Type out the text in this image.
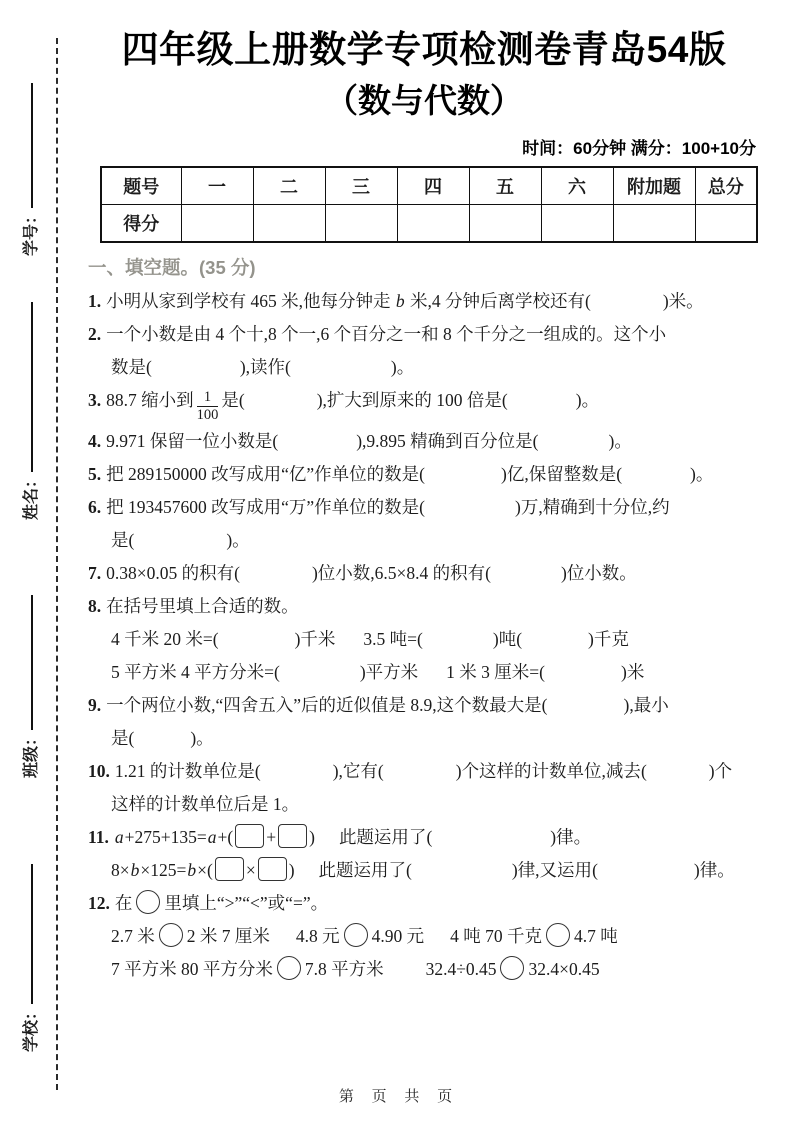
学号：
姓名：
班级：
学校：
四年级上册数学专项检测卷青岛54版
（数与代数）
时间：60分钟 满分：100+10分
题号	一	二	三	四	五	六	附加题	总分
得分								
一、填空题。(35 分)
1. 小明从家到学校有 465 米,他每分钟走 b 米,4 分钟后离学校还有(	)米。
2. 一个小数是由 4 个十,8 个一,6 个百分之一和 8 个千分之一组成的。这个小
数是(	),读作(	)。
3. 88.7 缩小到 $\frac{1}{100}$ 是(	),扩大到原来的 100 倍是(	)。
4. 9.971 保留一位小数是(	),9.895 精确到百分位是(	)。
5. 把 289150000 改写成用“亿”作单位的数是(	)亿,保留整数是(	)。
6. 把 193457600 改写成用“万”作单位的数是(	)万,精确到十分位,约
是(	)。
7. 0.38×0.05 的积有(	)位小数,6.5×8.4 的积有(	)位小数。
8. 在括号里填上合适的数。
4 千米 20 米=(	)千米 3.5 吨=(	)吨(	)千克
5 平方米 4 平方分米=(	)平方米 1 米 3 厘米=(	)米
9. 一个两位小数,“四舍五入”后的近似值是 8.9,这个数最大是(	),最小
是(	)。
10. 1.21 的计数单位是(	),它有(	)个这样的计数单位,减去(	)个
这样的计数单位后是 1。
11. a+275+135=a+( + ) 此题运用了(	)律。
8×b×125=b×( × ) 此题运用了(	)律,又运用(	)律。
12. 在 里填上“>”“<”或“=”。
2.7 米 2 米 7 厘米 4.8 元 4.90 元 4 吨 70 千克 4.7 吨
7 平方米 80 平方分米 7.8 平方米 32.4÷0.45 32.4×0.45
第 页 共 页
